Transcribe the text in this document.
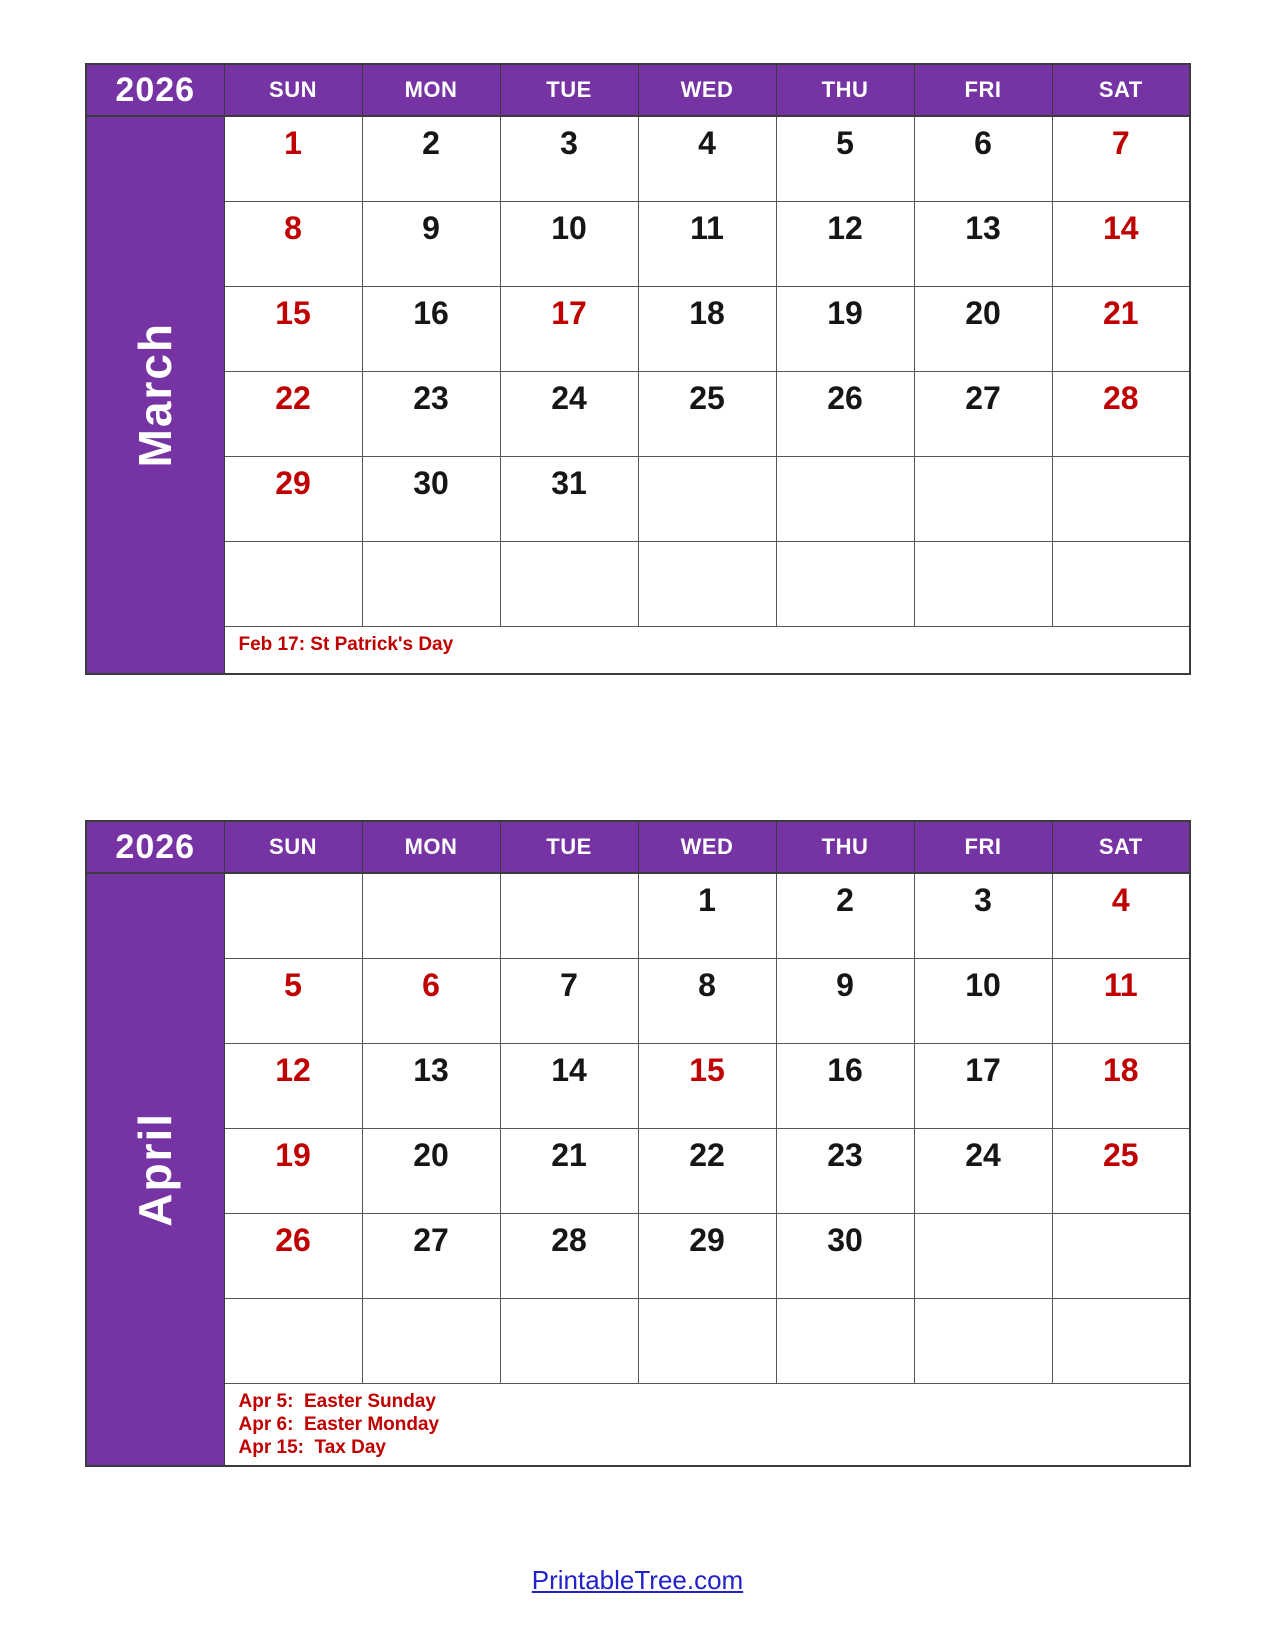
2026	SUN	MON	TUE	WED	THU	FRI	SAT

March	1	2	3	4	5	6	7
	8	9	10	11	12	13	14
	15	16	17	18	19	20	21
	22	23	24	25	26	27	28
	29	30	31				

	Feb 17: St Patrick's Day						
2026	SUN	MON	TUE	WED	THU	FRI	SAT

April				1	2	3	4
	5	6	7	8	9	10	11
	12	13	14	15	16	17	18
	19	20	21	22	23	24	25
	26	27	28	29	30		

	Apr 5:  Easter Sunday
Apr 6:  Easter Monday
Apr 15:  Tax Day						
PrintableTree.com
